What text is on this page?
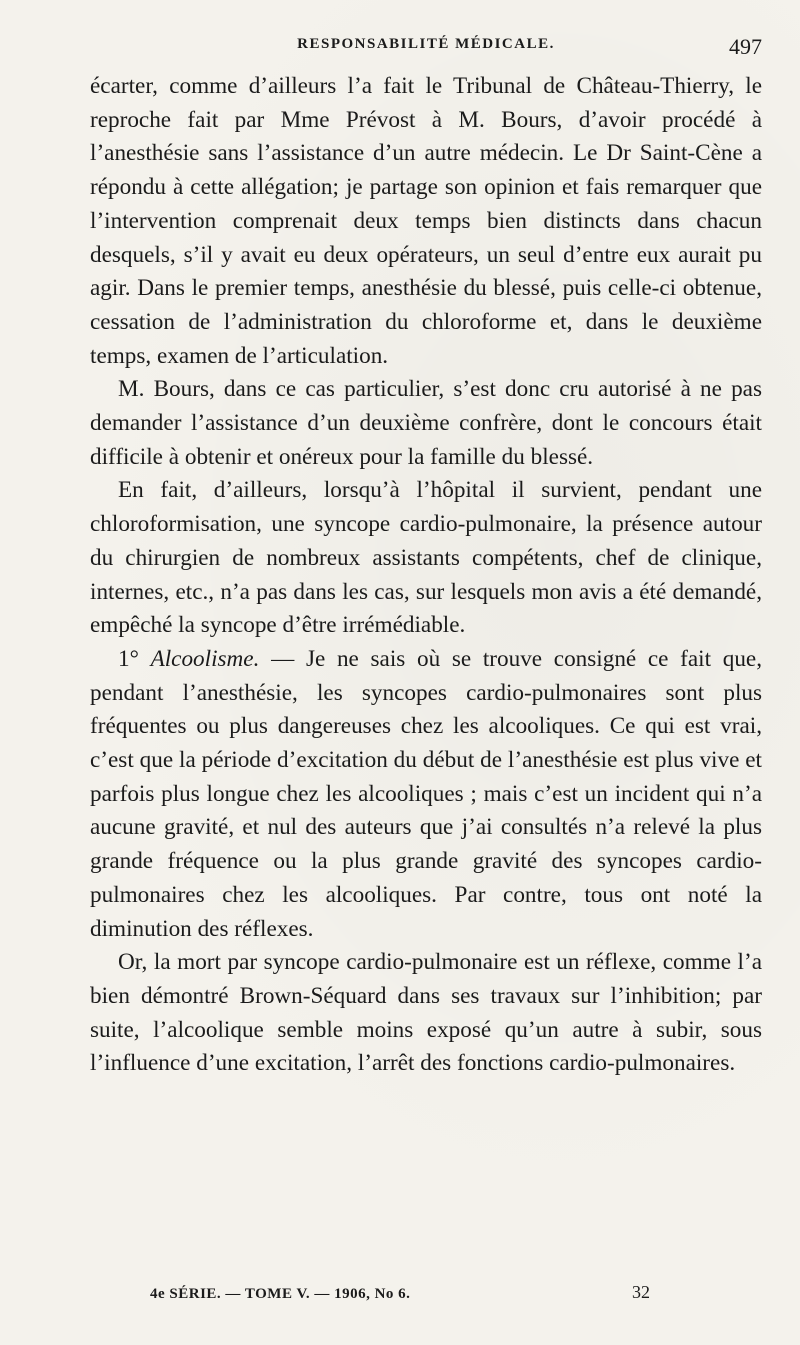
RESPONSABILITÉ MÉDICALE.	497

écarter, comme d’ailleurs l’a fait le Tribunal de Château-Thierry, le reproche fait par Mme Prévost à M. Bours, d’avoir procédé à l’anesthésie sans l’assistance d’un autre médecin. Le Dr Saint-Cène a répondu à cette allégation; je partage son opinion et fais remarquer que l’intervention comprenait deux temps bien distincts dans chacun desquels, s’il y avait eu deux opérateurs, un seul d’entre eux aurait pu agir. Dans le premier temps, anesthésie du blessé, puis celle-ci obtenue, cessation de l’administration du chloroforme et, dans le deuxième temps, examen de l’articulation.

M. Bours, dans ce cas particulier, s’est donc cru autorisé à ne pas demander l’assistance d’un deuxième confrère, dont le concours était difficile à obtenir et onéreux pour la famille du blessé.

En fait, d’ailleurs, lorsqu’à l’hôpital il survient, pendant une chloroformisation, une syncope cardio-pulmonaire, la présence autour du chirurgien de nombreux assistants compétents, chef de clinique, internes, etc., n’a pas dans les cas, sur lesquels mon avis a été demandé, empêché la syncope d’être irrémédiable.

1° Alcoolisme. — Je ne sais où se trouve consigné ce fait que, pendant l’anesthésie, les syncopes cardio-pulmonaires sont plus fréquentes ou plus dangereuses chez les alcooliques. Ce qui est vrai, c’est que la période d’excitation du début de l’anesthésie est plus vive et parfois plus longue chez les alcooliques ; mais c’est un incident qui n’a aucune gravité, et nul des auteurs que j’ai consultés n’a relevé la plus grande fréquence ou la plus grande gravité des syncopes cardio-pulmonaires chez les alcooliques. Par contre, tous ont noté la diminution des réflexes.

Or, la mort par syncope cardio-pulmonaire est un réflexe, comme l’a bien démontré Brown-Séquard dans ses travaux sur l’inhibition; par suite, l’alcoolique semble moins exposé qu’un autre à subir, sous l’influence d’une excitation, l’arrêt des fonctions cardio-pulmonaires.

4e SÉRIE. — TOME V. — 1906, No 6.	32
